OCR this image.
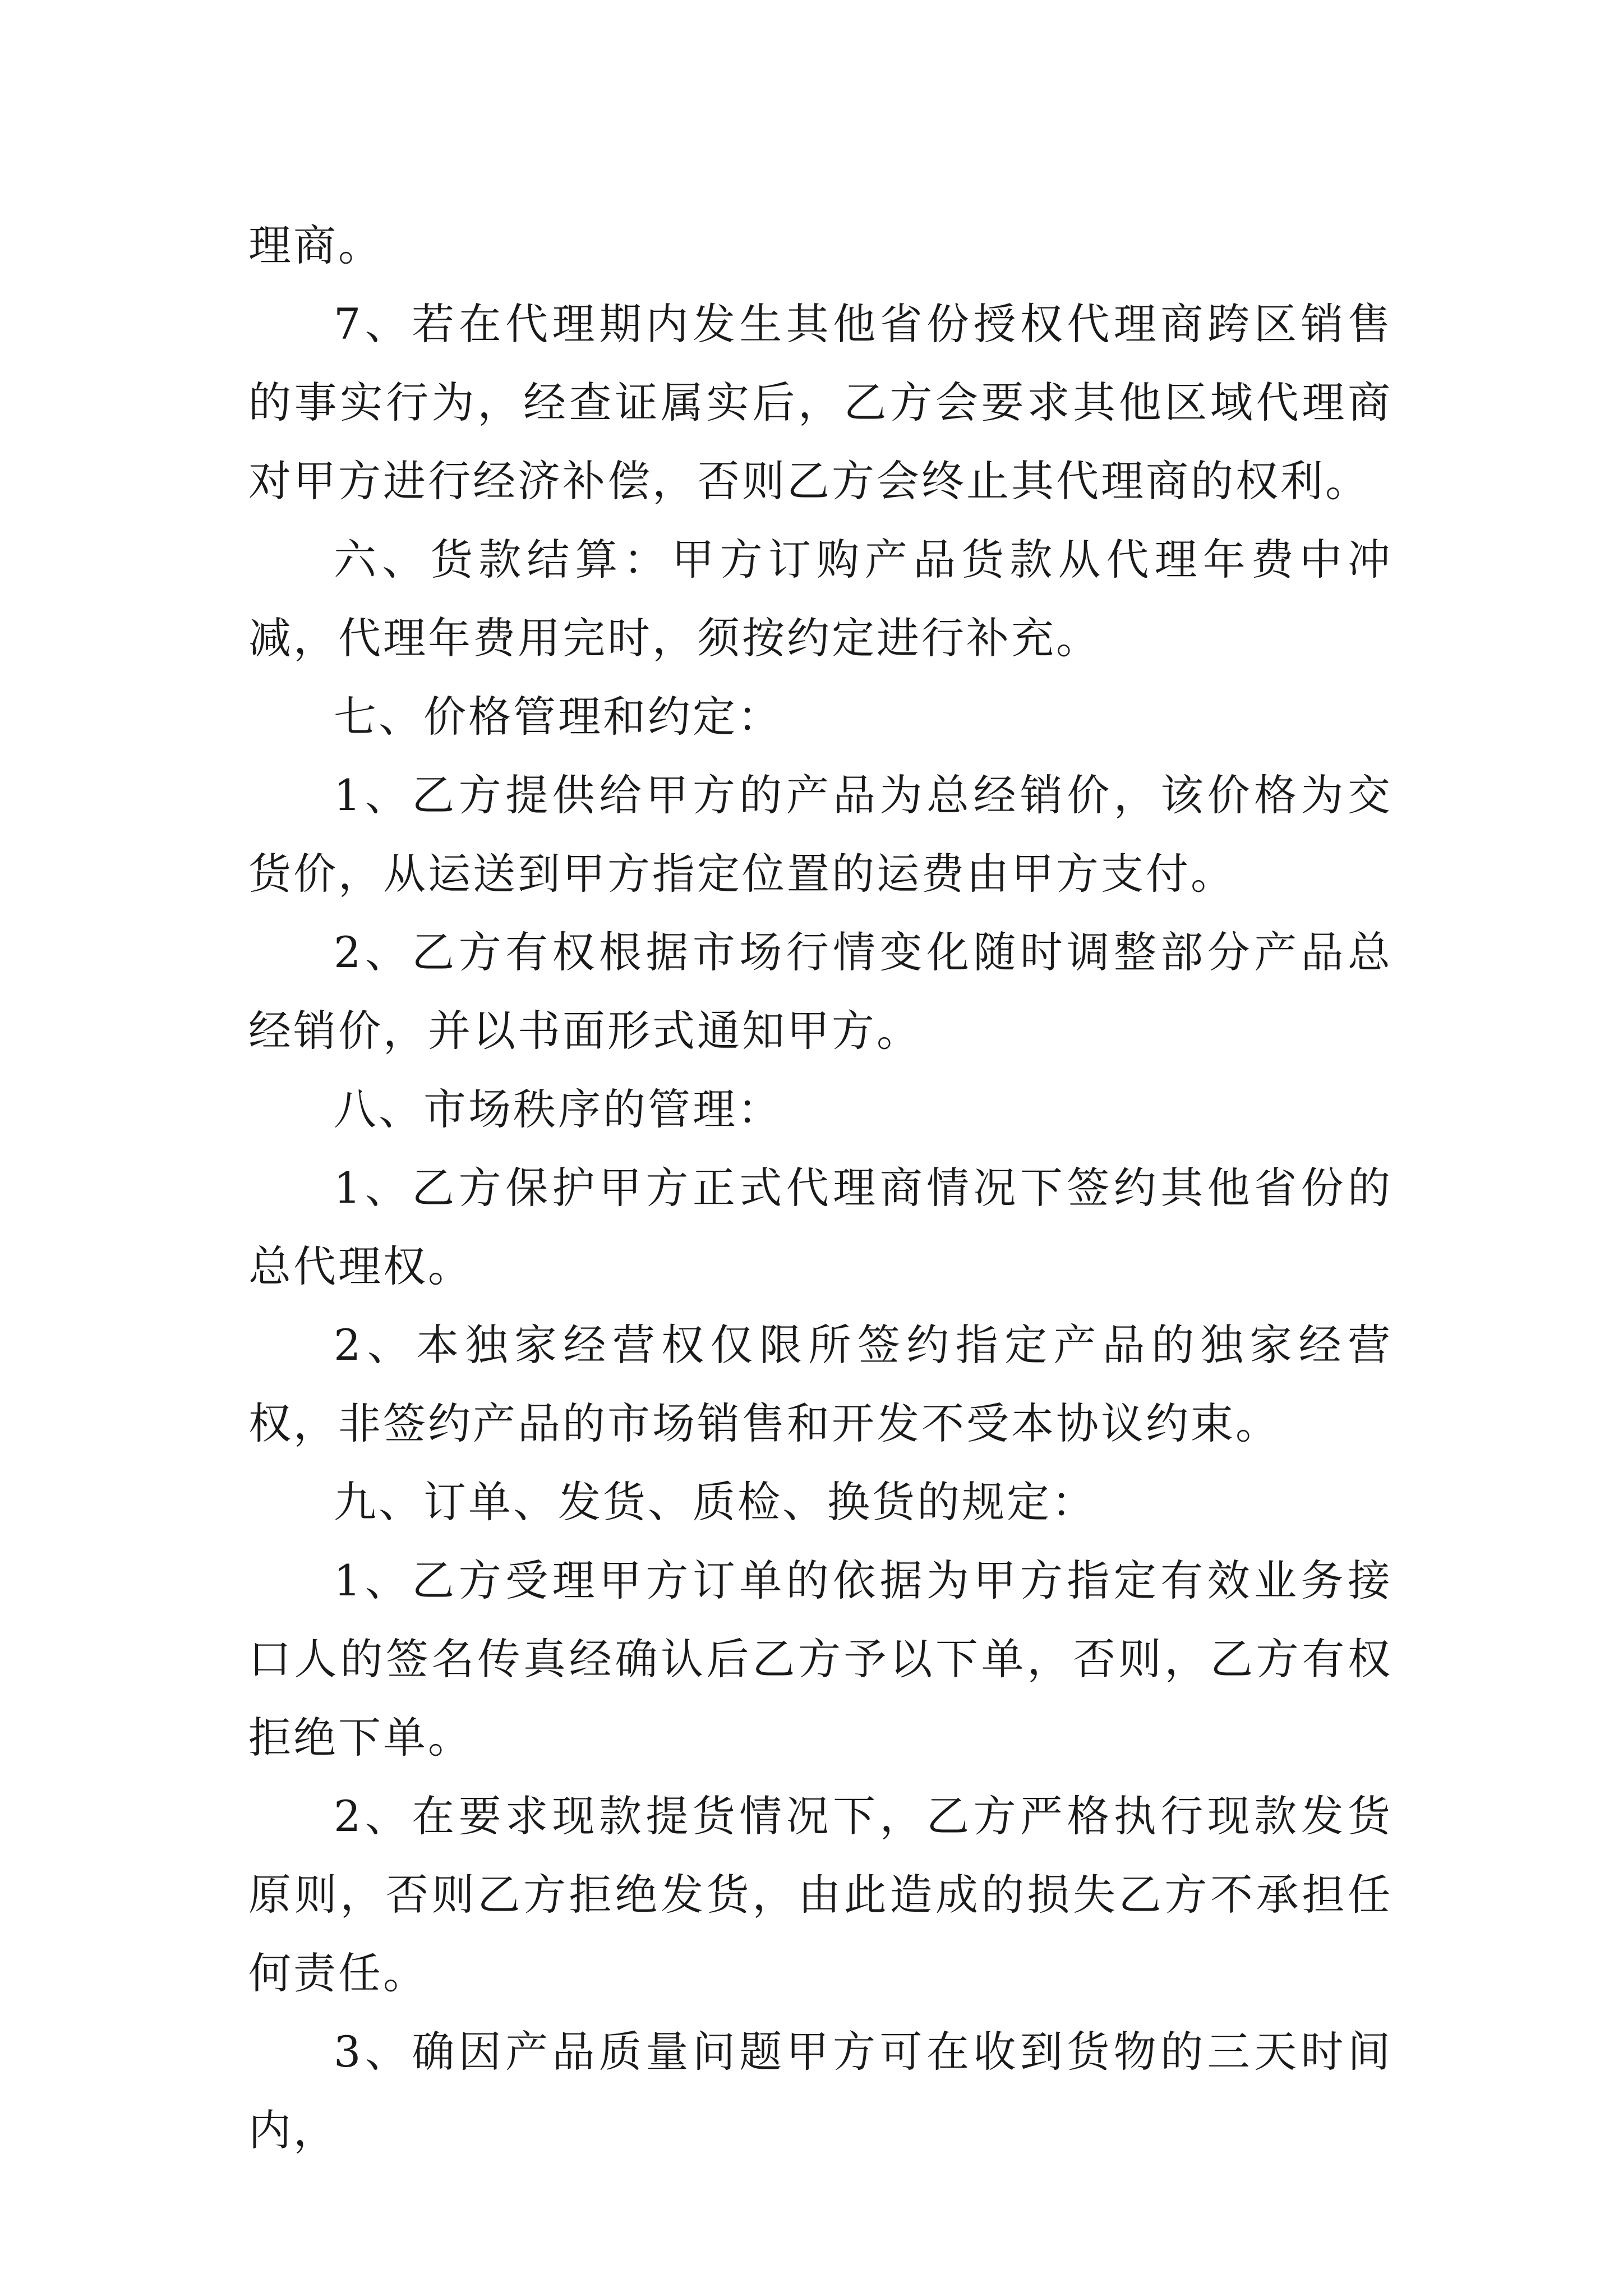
理商。

7、若在代理期内发生其他省份授权代理商跨区销售的事实行为，经查证属实后，乙方会要求其他区域代理商对甲方进行经济补偿，否则乙方会终止其代理商的权利。

六、货款结算：甲方订购产品货款从代理年费中冲减，代理年费用完时，须按约定进行补充。

七、价格管理和约定：

1、乙方提供给甲方的产品为总经销价，该价格为交货价，从运送到甲方指定位置的运费由甲方支付。

2、乙方有权根据市场行情变化随时调整部分产品总经销价，并以书面形式通知甲方。

八、市场秩序的管理：

1、乙方保护甲方正式代理商情况下签约其他省份的总代理权。

2、本独家经营权仅限所签约指定产品的独家经营权，非签约产品的市场销售和开发不受本协议约束。

九、订单、发货、质检、换货的规定：

1、乙方受理甲方订单的依据为甲方指定有效业务接口人的签名传真经确认后乙方予以下单，否则，乙方有权拒绝下单。

2、在要求现款提货情况下，乙方严格执行现款发货原则，否则乙方拒绝发货，由此造成的损失乙方不承担任何责任。

3、确因产品质量问题甲方可在收到货物的三天时间内，
